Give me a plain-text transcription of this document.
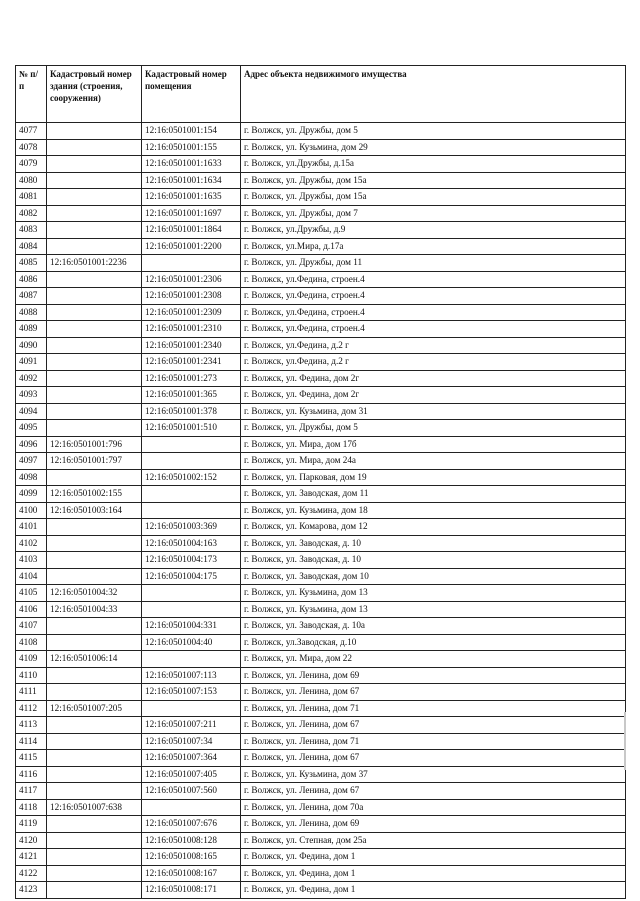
№ п/п	Кадастровый номер здания (строения, сооружения)	Кадастровый номер помещения	Адрес объекта недвижимого имущества
4077		12:16:0501001:154	г. Волжск, ул. Дружбы, дом 5
4078		12:16:0501001:155	г. Волжск, ул. Кузьмина, дом 29
4079		12:16:0501001:1633	г. Волжск, ул.Дружбы, д.15а
4080		12:16:0501001:1634	г. Волжск, ул. Дружбы, дом 15а
4081		12:16:0501001:1635	г. Волжск, ул. Дружбы, дом 15а
4082		12:16:0501001:1697	г. Волжск, ул. Дружбы, дом 7
4083		12:16:0501001:1864	г. Волжск, ул.Дружбы, д.9
4084		12:16:0501001:2200	г. Волжск, ул.Мира, д.17а
4085	12:16:0501001:2236		г. Волжск, ул. Дружбы, дом 11
4086		12:16:0501001:2306	г. Волжск, ул.Федина, строен.4
4087		12:16:0501001:2308	г. Волжск, ул.Федина, строен.4
4088		12:16:0501001:2309	г. Волжск, ул.Федина, строен.4
4089		12:16:0501001:2310	г. Волжск, ул.Федина, строен.4
4090		12:16:0501001:2340	г. Волжск, ул.Федина, д.2 г
4091		12:16:0501001:2341	г. Волжск, ул.Федина, д.2 г
4092		12:16:0501001:273	г. Волжск, ул. Федина, дом 2г
4093		12:16:0501001:365	г. Волжск, ул. Федина, дом 2г
4094		12:16:0501001:378	г. Волжск, ул. Кузьмина, дом 31
4095		12:16:0501001:510	г. Волжск, ул. Дружбы, дом 5
4096	12:16:0501001:796		г. Волжск, ул. Мира, дом 17б
4097	12:16:0501001:797		г. Волжск, ул. Мира, дом 24а
4098		12:16:0501002:152	г. Волжск, ул. Парковая, дом 19
4099	12:16:0501002:155		г. Волжск, ул. Заводская, дом 11
4100	12:16:0501003:164		г. Волжск, ул. Кузьмина, дом 18
4101		12:16:0501003:369	г. Волжск, ул. Комарова, дом 12
4102		12:16:0501004:163	г. Волжск, ул. Заводская, д. 10
4103		12:16:0501004:173	г. Волжск, ул. Заводская, д. 10
4104		12:16:0501004:175	г. Волжск, ул. Заводская, дом 10
4105	12:16:0501004:32		г. Волжск, ул. Кузьмина, дом 13
4106	12:16:0501004:33		г. Волжск, ул. Кузьмина, дом 13
4107		12:16:0501004:331	г. Волжск, ул. Заводская, д. 10а
4108		12:16:0501004:40	г. Волжск, ул.Заводская, д.10
4109	12:16:0501006:14		г. Волжск, ул. Мира, дом 22
4110		12:16:0501007:113	г. Волжск, ул. Ленина, дом 69
4111		12:16:0501007:153	г. Волжск, ул. Ленина, дом 67
4112	12:16:0501007:205		г. Волжск, ул. Ленина, дом 71
4113		12:16:0501007:211	г. Волжск, ул. Ленина, дом 67
4114		12:16:0501007:34	г. Волжск, ул. Ленина, дом 71
4115		12:16:0501007:364	г. Волжск, ул. Ленина, дом 67
4116		12:16:0501007:405	г. Волжск, ул. Кузьмина, дом 37
4117		12:16:0501007:560	г. Волжск, ул. Ленина, дом 67
4118	12:16:0501007:638		г. Волжск, ул. Ленина, дом 70а
4119		12:16:0501007:676	г. Волжск, ул. Ленина, дом 69
4120		12:16:0501008:128	г. Волжск, ул. Степная, дом 25а
4121		12:16:0501008:165	г. Волжск, ул. Федина, дом 1
4122		12:16:0501008:167	г. Волжск, ул. Федина, дом 1
4123		12:16:0501008:171	г. Волжск, ул. Федина, дом 1
